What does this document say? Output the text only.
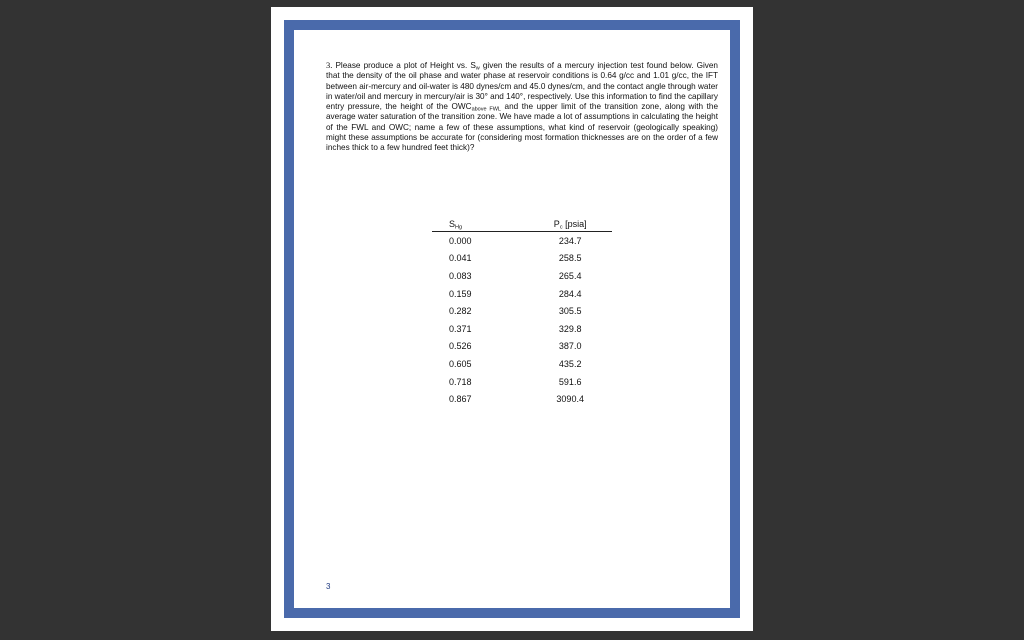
3. Please produce a plot of Height vs. $S_w$ given the results of a mercury injection test found below. Given that the density of the oil phase and water phase at reservoir conditions is 0.64 g/cc and 1.01 g/cc, the IFT between air-mercury and oil-water is 480 dynes/cm and 45.0 dynes/cm, and the contact angle through water in water/oil and mercury in mercury/air is 30° and 140°, respectively. Use this information to find the capillary entry pressure, the height of the $OWC_{above FWL}$ and the upper limit of the transition zone, along with the average water saturation of the transition zone. We have made a lot of assumptions in calculating the height of the FWL and OWC; name a few of these assumptions, what kind of reservoir (geologically speaking) might these assumptions be accurate for (considering most formation thicknesses are on the order of a few inches thick to a few hundred feet thick)?

$S_{Hg}$	$P_c$ [psia]
0.000	234.7
0.041	258.5
0.083	265.4
0.159	284.4
0.282	305.5
0.371	329.8
0.526	387.0
0.605	435.2
0.718	591.6
0.867	3090.4
3
